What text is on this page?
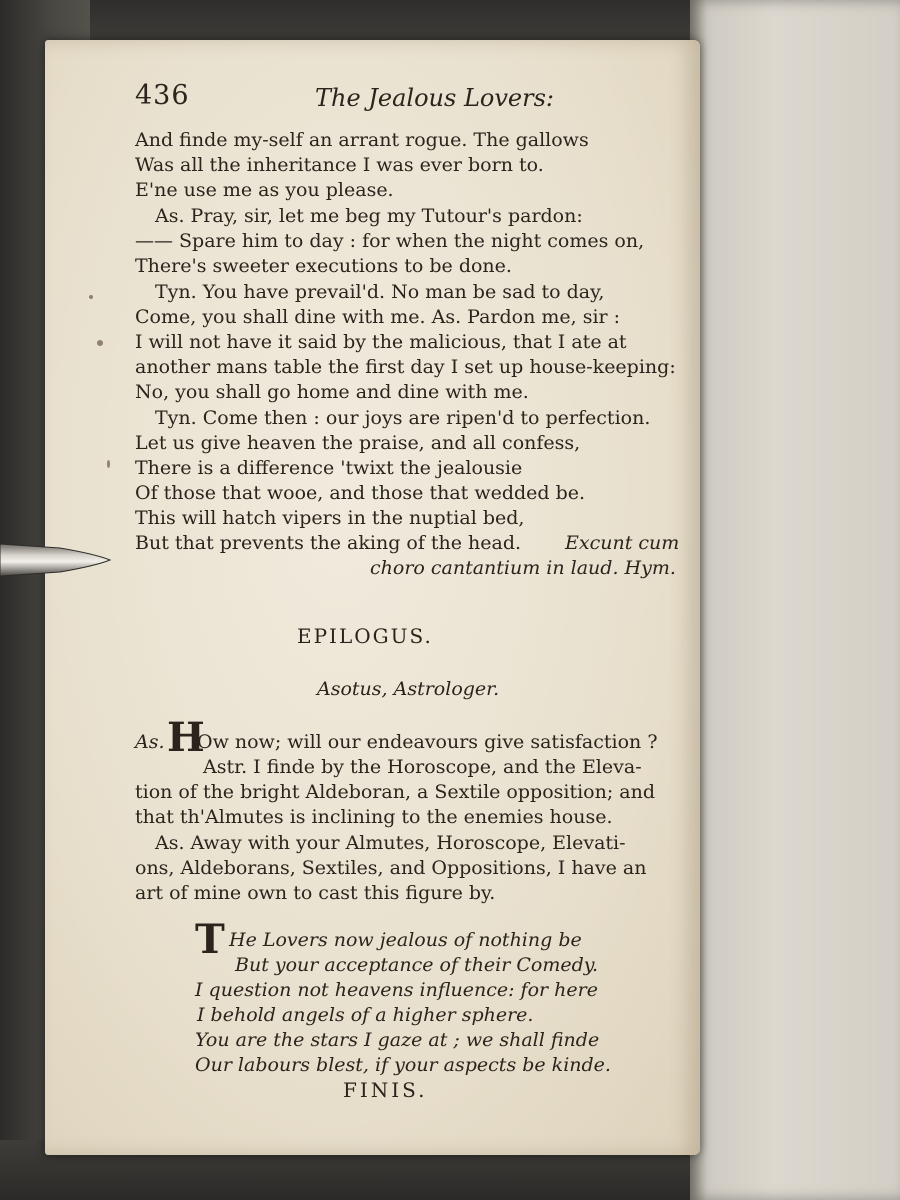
436	The Jealous Lovers:
And finde my-self an arrant rogue. The gallows
Was all the inheritance I was ever born to.
E'ne use me as you please.
As. Pray, sir, let me beg my Tutour's pardon:
—— Spare him to day : for when the night comes on,
There's sweeter executions to be done.
Tyn. You have prevail'd. No man be sad to day,
Come, you shall dine with me. As. Pardon me, sir :
I will not have it said by the malicious, that I ate at
another mans table the first day I set up house-keeping:
No, you shall go home and dine with me.
Tyn. Come then : our joys are ripen'd to perfection.
Let us give heaven the praise, and all confess,
There is a difference 'twixt the jealousie
Of those that wooe, and those that wedded be.
This will hatch vipers in the nuptial bed,
But that prevents the aking of the head. Excunt cum
choro cantantium in laud. Hym.
EPILOGUS.
Asotus, Astrologer.
As. H
Ow now; will our endeavours give satisfaction ?
Astr. I finde by the Horoscope, and the Eleva-
tion of the bright Aldeboran, a Sextile opposition; and
that th'Almutes is inclining to the enemies house.
As. Away with your Almutes, Horoscope, Elevati-
ons, Aldeborans, Sextiles, and Oppositions, I have an
art of mine own to cast this figure by.
T He Lovers now jealous of nothing be
But your acceptance of their Comedy.
I question not heavens influence: for here
I behold angels of a higher sphere.
You are the stars I gaze at ; we shall finde
Our labours blest, if your aspects be kinde.
FINIS.
